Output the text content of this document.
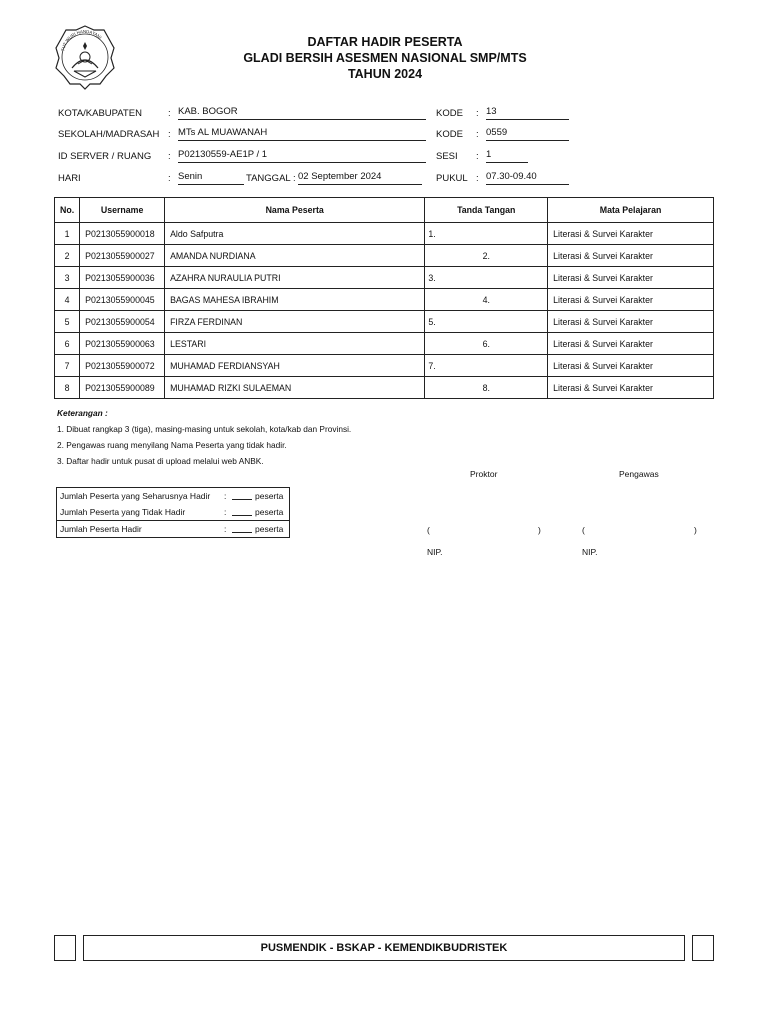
TUT WURI HANDAYANI	DAFTAR HADIR PESERTA
GLADI BERSIH ASESMEN NASIONAL SMP/MTS
TAHUN 2024
KOTA/KABUPATEN	: KAB. BOGOR	KODE : 13
SEKOLAH/MADRASAH : MTs AL MUAWANAH	KODE : 0559
ID SERVER / RUANG : P02130559-AE1P / 1	SESI : 1
HARI	: Senin	TANGGAL : 02 September 2024	PUKUL : 07.30-09.40
No.	Username	Nama Peserta	Tanda Tangan	Mata Pelajaran
1	P0213055900018	Aldo Safputra	1.	Literasi & Survei Karakter
2	P0213055900027	AMANDA NURDIANA	2.	Literasi & Survei Karakter
3	P0213055900036	AZAHRA NURAULIA PUTRI	3.	Literasi & Survei Karakter
4	P0213055900045	BAGAS MAHESA IBRAHIM	4.	Literasi & Survei Karakter
5	P0213055900054	FIRZA FERDINAN	5.	Literasi & Survei Karakter
6	P0213055900063	LESTARI	6.	Literasi & Survei Karakter
7	P0213055900072	MUHAMAD FERDIANSYAH	7.	Literasi & Survei Karakter
8	P0213055900089	MUHAMAD RIZKI SULAEMAN	8.	Literasi & Survei Karakter
Keterangan :
1. Dibuat rangkap 3 (tiga), masing-masing untuk sekolah, kota/kab dan Provinsi.
2. Pengawas ruang menyilang Nama Peserta yang tidak hadir.
3. Daftar hadir untuk pusat di upload melalui web ANBK.
Jumlah Peserta yang Seharusnya Hadir :	peserta
Jumlah Peserta yang Tidak Hadir	:	peserta
Jumlah Peserta Hadir	:	peserta
Proktor	Pengawas
(	)	(	)
NIP.	NIP.
PUSMENDIK - BSKAP - KEMENDIKBUDRISTEK
